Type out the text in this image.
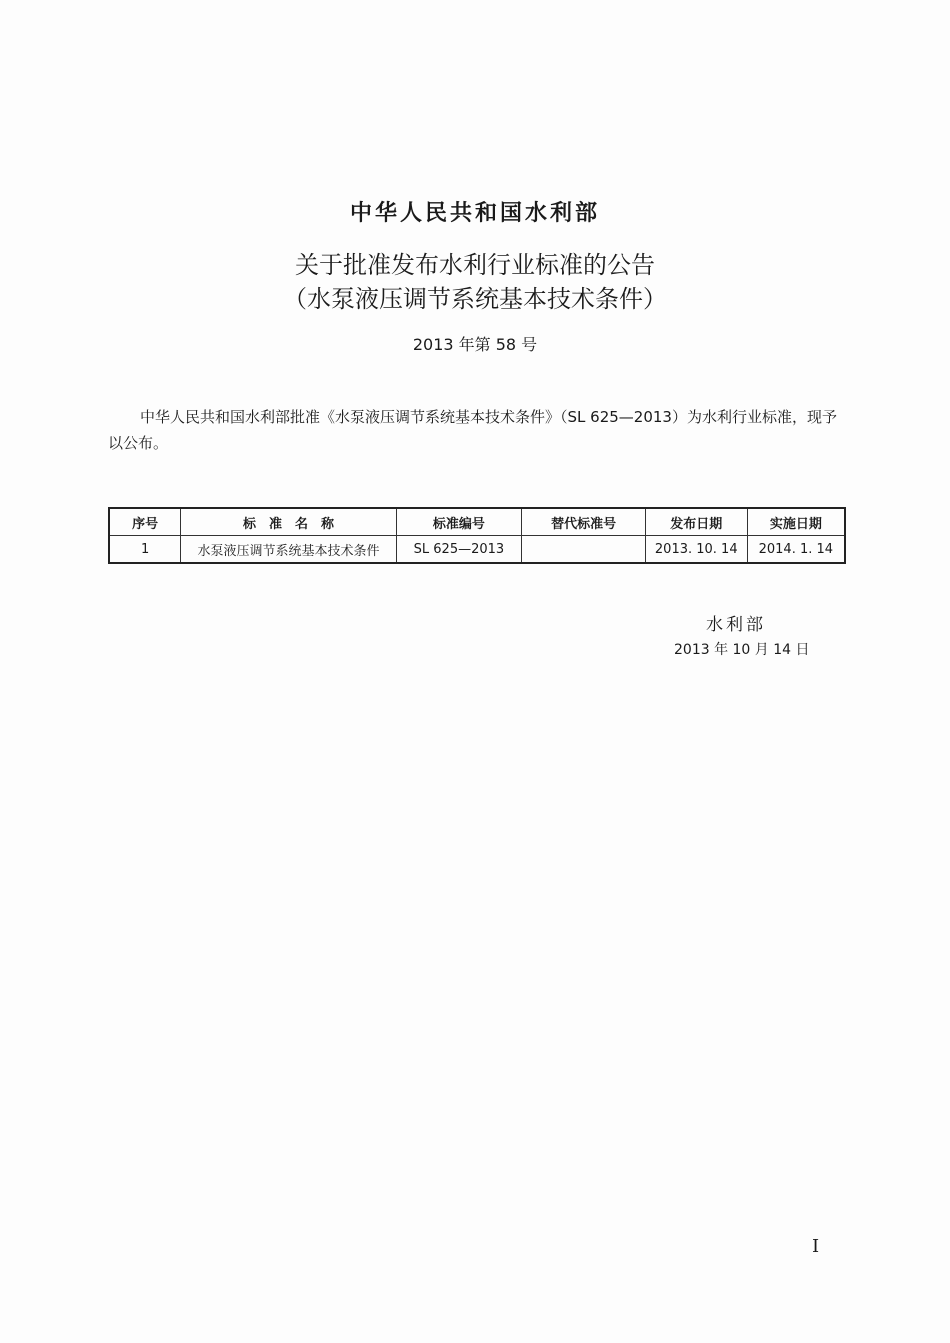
中华人民共和国水利部
关于批准发布水利行业标准的公告
（水泵液压调节系统基本技术条件）
2013 年第 58 号
中华人民共和国水利部批准《水泵液压调节系统基本技术条件》（SL 625—2013）为水利行业标准，现予以公布。
序号	标　准　名　称	标准编号	替代标准号	发布日期	实施日期
1	水泵液压调节系统基本技术条件	SL 625—2013		2013. 10. 14	2014. 1. 14
水利部
2013 年 10 月 14 日
I
